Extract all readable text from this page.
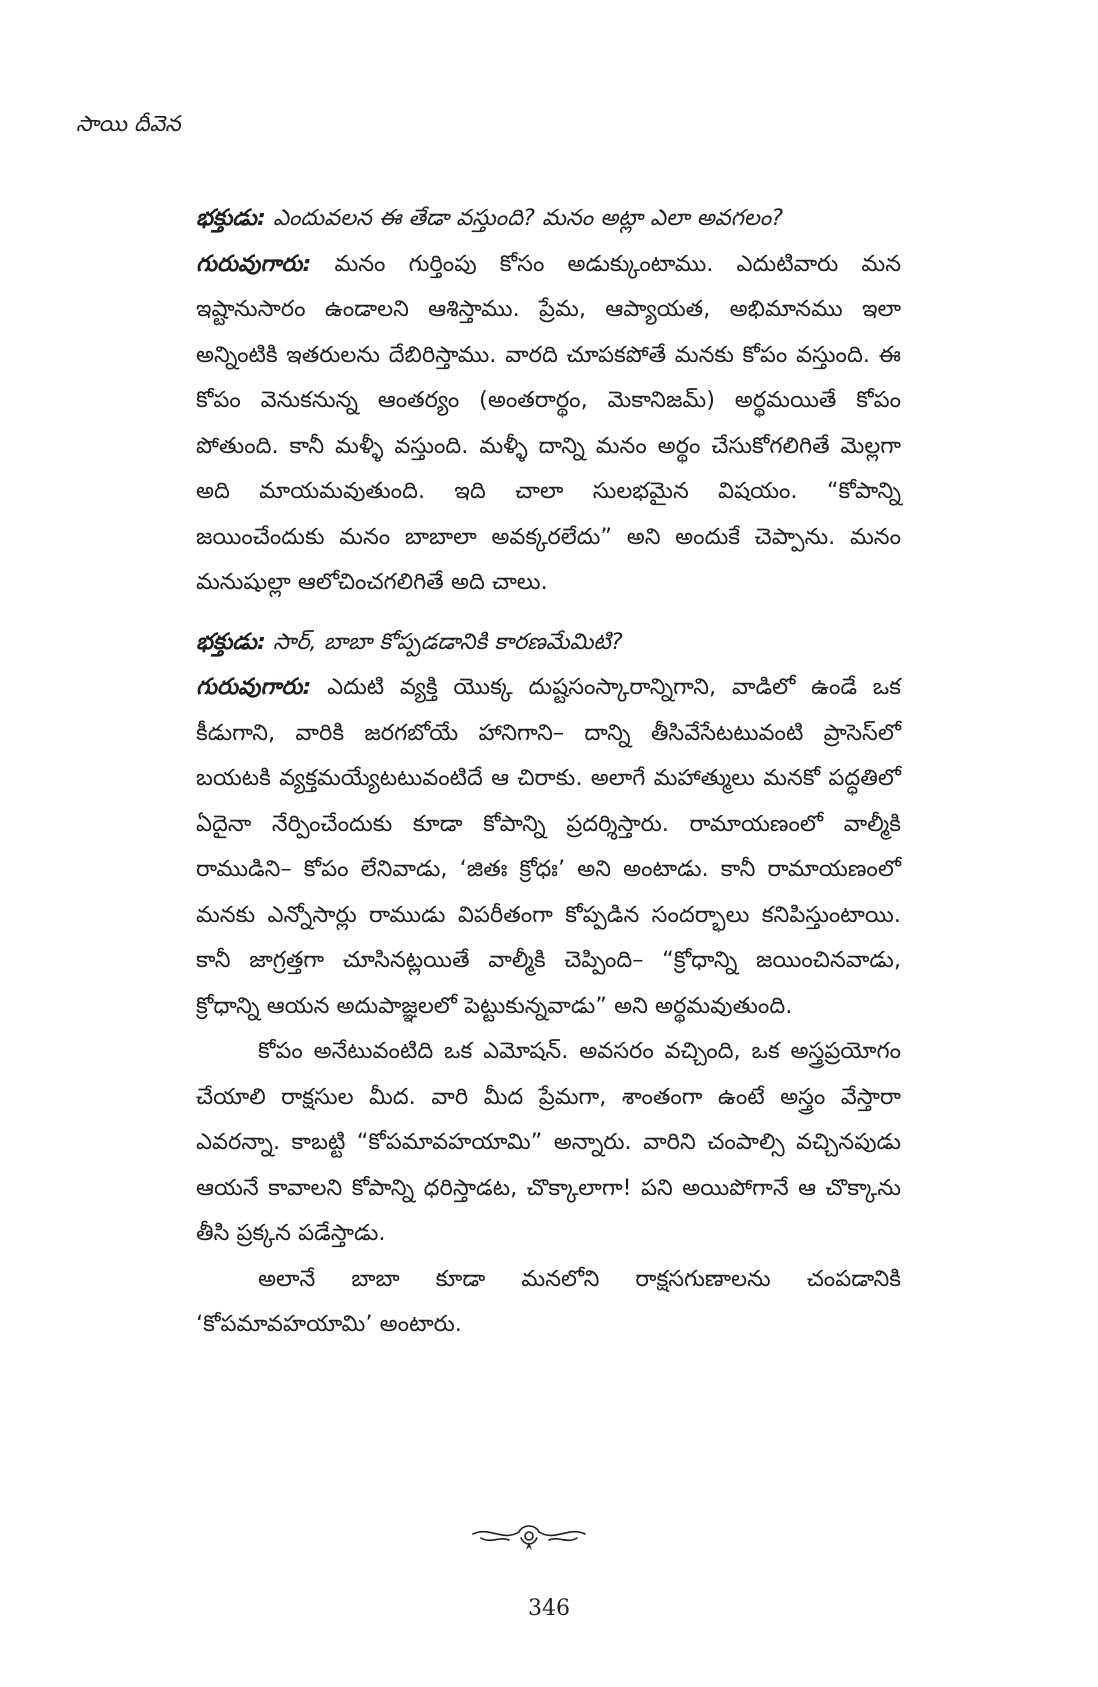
సాయి దీవెన

భక్తుడు: ఎందువలన ఈ తేడా వస్తుంది? మనం అట్లా ఎలా అవగలం?

గురువుగారు: మనం గుర్తింపు కోసం అడుక్కుంటాము. ఎదుటివారు మన ఇష్టానుసారం ఉండాలని ఆశిస్తాము. ప్రేమ, ఆప్యాయత, అభిమానము ఇలా అన్నింటికి ఇతరులను దేబిరిస్తాము. వారది చూపకపోతే మనకు కోపం వస్తుంది. ఈ కోపం వెనుకనున్న ఆంతర్యం (అంతరార్థం, మెకానిజమ్) అర్థమయితే కోపం పోతుంది. కానీ మళ్ళీ వస్తుంది. మళ్ళీ దాన్ని మనం అర్థం చేసుకోగలిగితే మెల్లగా అది మాయమవుతుంది. ఇది చాలా సులభమైన విషయం. “కోపాన్ని జయించేందుకు మనం బాబాలా అవక్కరలేదు” అని అందుకే చెప్పాను. మనం మనుషుల్లా ఆలోచించగలిగితే అది చాలు.

భక్తుడు: సార్, బాబా కోప్పడడానికి కారణమేమిటి?

గురువుగారు: ఎదుటి వ్యక్తి యొక్క దుష్టసంస్కారాన్నిగాని, వాడిలో ఉండే ఒక కీడుగాని, వారికి జరగబోయే హానిగాని– దాన్ని తీసివేసేటటువంటి ప్రాసెస్‌లో బయటకి వ్యక్తమయ్యేటటువంటిదే ఆ చిరాకు. అలాగే మహాత్ములు మనకో పద్ధతిలో ఏదైనా నేర్పించేందుకు కూడా కోపాన్ని ప్రదర్శిస్తారు. రామాయణంలో వాల్మీకి రాముడిని– కోపం లేనివాడు, ‘జితః క్రోధః’ అని అంటాడు. కానీ రామాయణంలో మనకు ఎన్నోసార్లు రాముడు విపరీతంగా కోప్పడిన సందర్భాలు కనిపిస్తుంటాయి. కానీ జాగ్రత్తగా చూసినట్లయితే వాల్మీకి చెప్పింది– “క్రోధాన్ని జయించినవాడు, క్రోధాన్ని ఆయన అదుపాజ్ఞలలో పెట్టుకున్నవాడు” అని అర్థమవుతుంది.

కోపం అనేటువంటిది ఒక ఎమోషన్. అవసరం వచ్చింది, ఒక అస్త్రప్రయోగం చేయాలి రాక్షసుల మీద. వారి మీద ప్రేమగా, శాంతంగా ఉంటే అస్త్రం వేస్తారా ఎవరన్నా. కాబట్టి “కోపమావహయామి” అన్నారు. వారిని చంపాల్సి వచ్చినపుడు ఆయనే కావాలని కోపాన్ని ధరిస్తాడట, చొక్కాలాగా! పని అయిపోగానే ఆ చొక్కాను తీసి ప్రక్కన పడేస్తాడు.

అలానే బాబా కూడా మనలోని రాక్షసగుణాలను చంపడానికి ‘కోపమావహయామి’ అంటారు.

346
